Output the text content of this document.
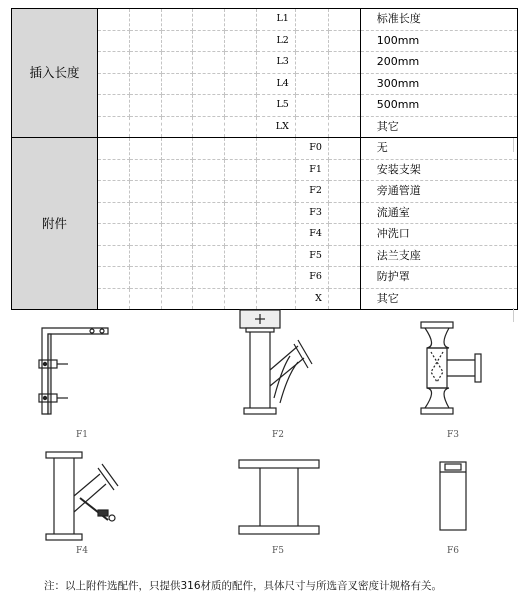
插入长度						L1			标准长度
						L2			100mm
						L3			200mm
						L4			300mm
						L5			500mm
						LX			其它
附件							F0		无
							F1		安装支架
							F2		旁通管道
							F3		流通室
							F4		冲洗口
							F5		法兰支座
							F6		防护罩
							X		其它
F1	F2	F3
F4	F5	F6
注：以上附件选配件，只提供316材质的配件，具体尺寸与所选音叉密度计规格有关。
